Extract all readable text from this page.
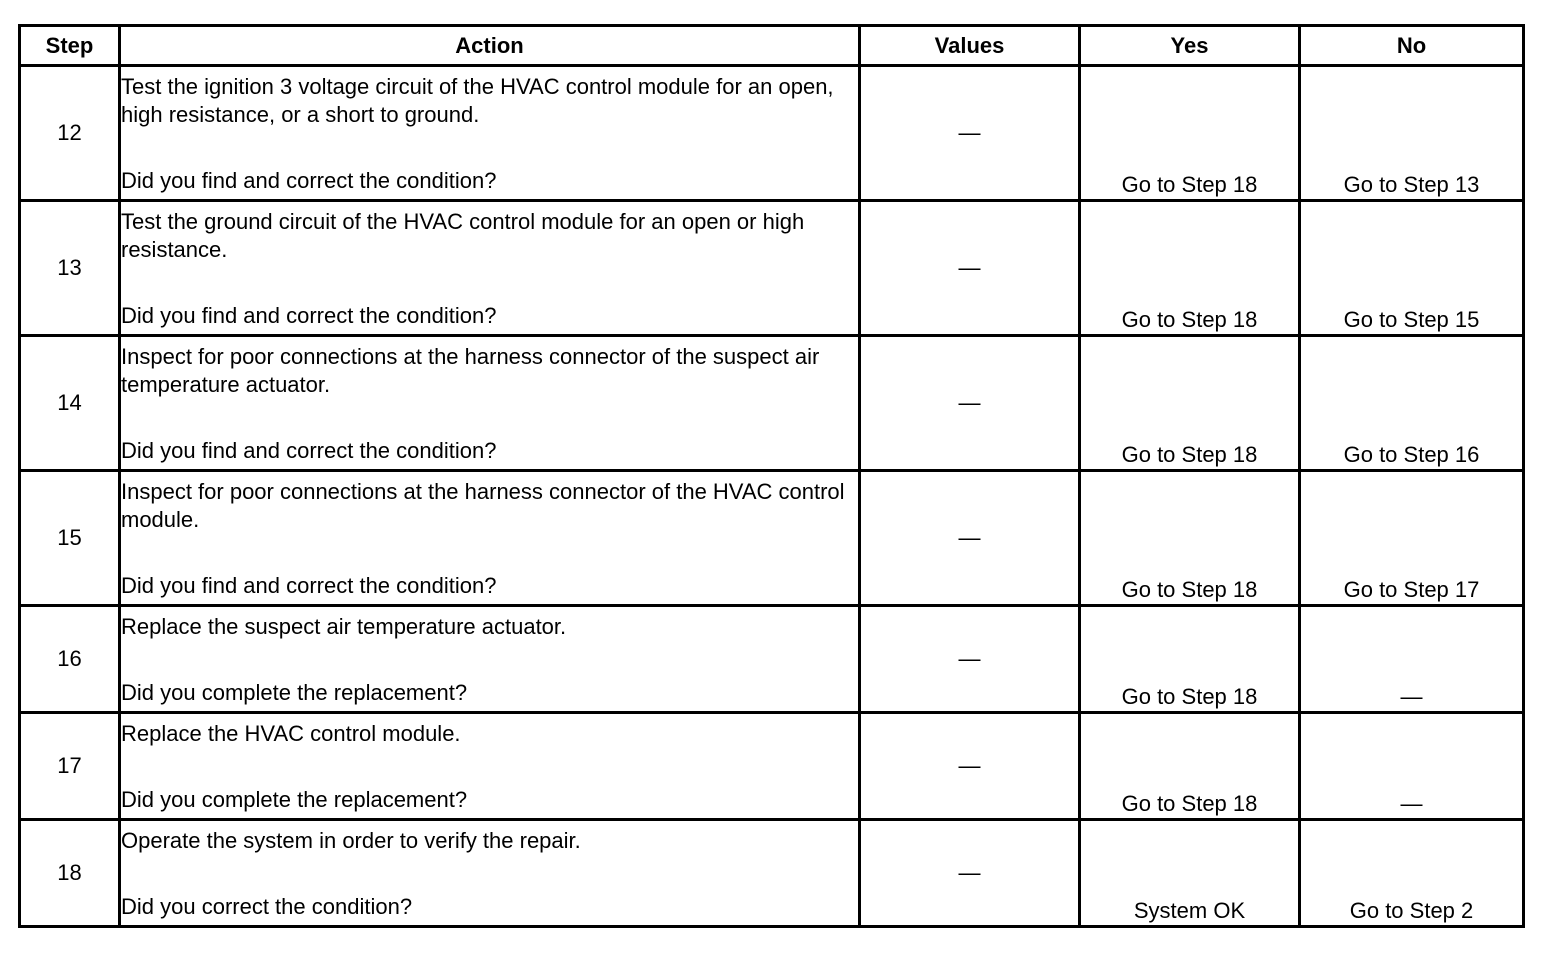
Step	Action	Values	Yes	No
12	Test the ignition 3 voltage circuit of the HVAC control module for an open, high resistance, or a short to ground.
Did you find and correct the condition?	—	Go to Step 18	Go to Step 13
13	Test the ground circuit of the HVAC control module for an open or high resistance.
Did you find and correct the condition?	—	Go to Step 18	Go to Step 15
14	Inspect for poor connections at the harness connector of the suspect air temperature actuator.
Did you find and correct the condition?	—	Go to Step 18	Go to Step 16
15	Inspect for poor connections at the harness connector of the HVAC control module.
Did you find and correct the condition?	—	Go to Step 18	Go to Step 17
16	Replace the suspect air temperature actuator.
Did you complete the replacement?	—	Go to Step 18	—
17	Replace the HVAC control module.
Did you complete the replacement?	—	Go to Step 18	—
18	Operate the system in order to verify the repair.
Did you correct the condition?	—	System OK	Go to Step 2
